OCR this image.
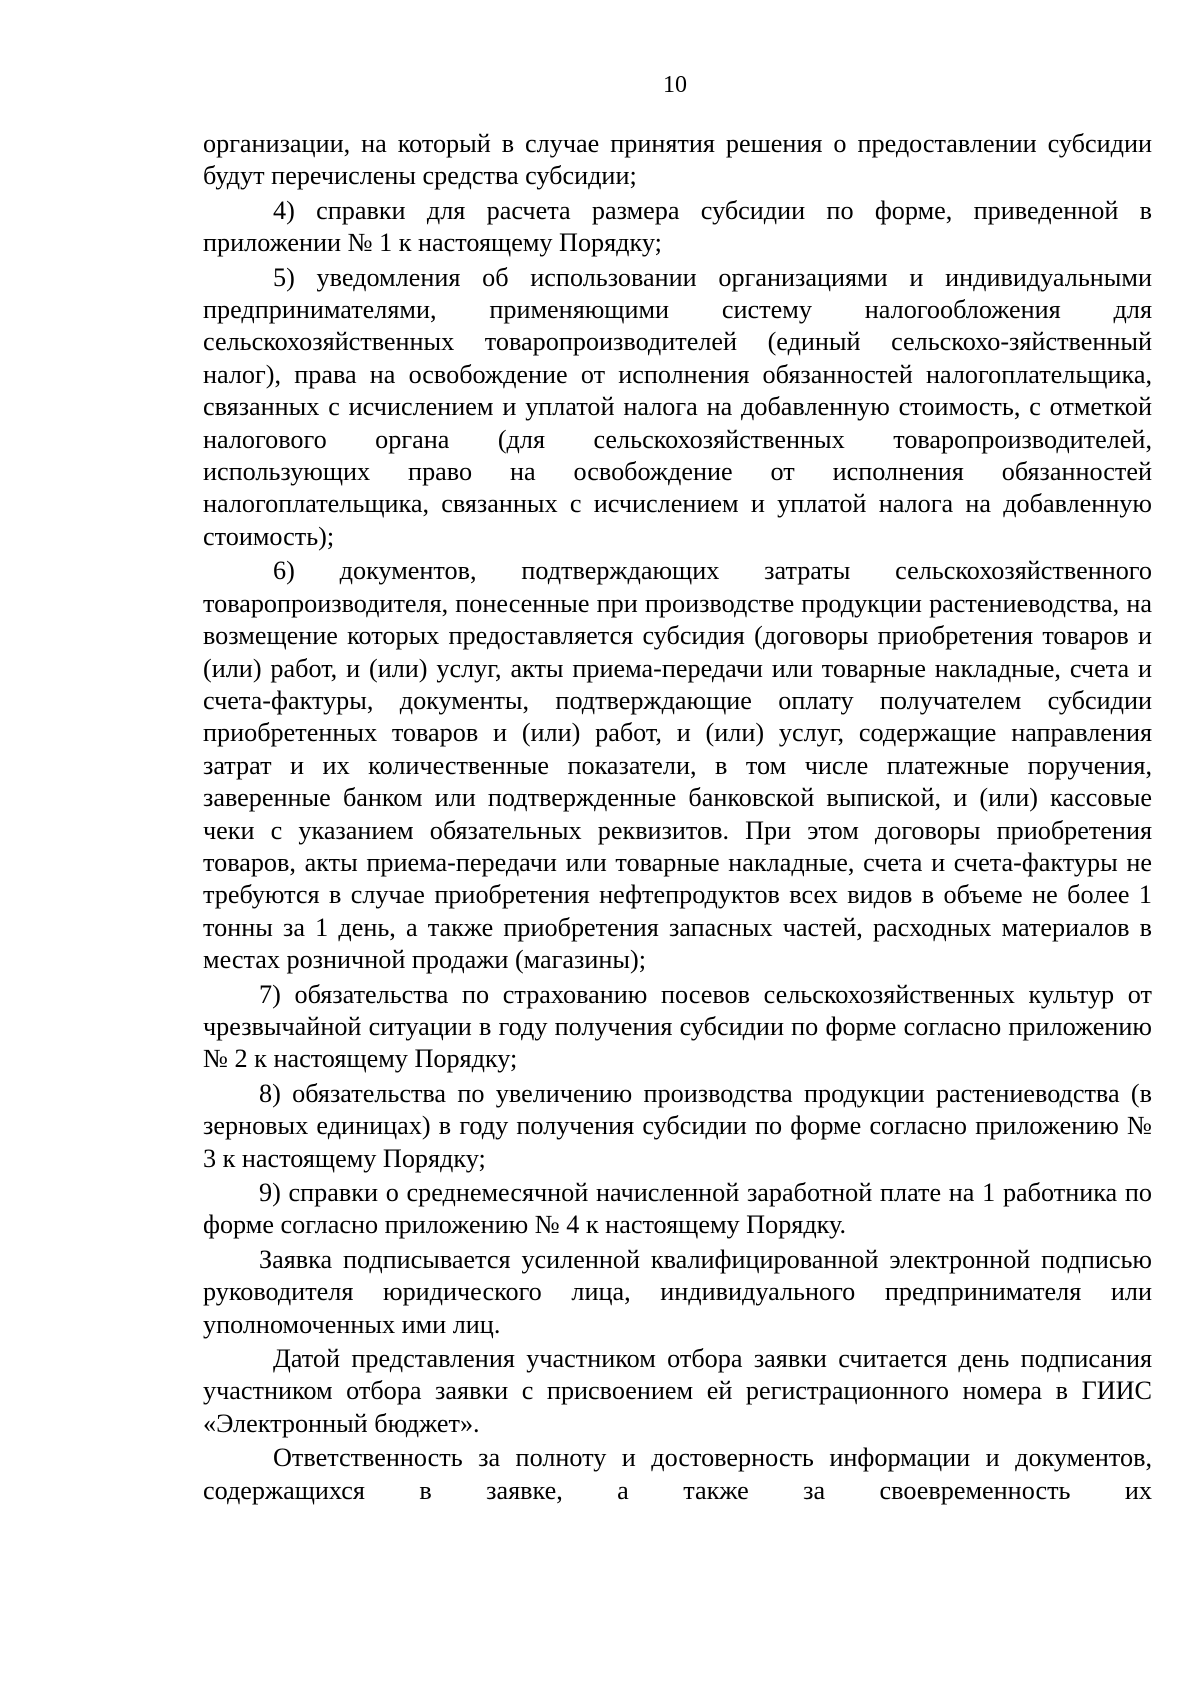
10

организации, на который в случае принятия решения о предоставлении субсидии будут перечислены средства субсидии;

4) справки для расчета размера субсидии по форме, приведенной в приложении № 1 к настоящему Порядку;

5) уведомления об использовании организациями и индивидуальными предпринимателями, применяющими систему налогообложения для сельскохозяйственных товаропроизводителей (единый сельскохо-зяйственный налог), права на освобождение от исполнения обязанностей налогоплательщика, связанных с исчислением и уплатой налога на добавленную стоимость, с отметкой налогового органа (для сельскохозяйственных товаропроизводителей, использующих право на освобождение от исполнения обязанностей налогоплательщика, связанных с исчислением и уплатой налога на добавленную стоимость);

6) документов, подтверждающих затраты сельскохозяйственного товаропроизводителя, понесенные при производстве продукции растениеводства, на возмещение которых предоставляется субсидия (договоры приобретения товаров и (или) работ, и (или) услуг, акты приема-передачи или товарные накладные, счета и счета-фактуры, документы, подтверждающие оплату получателем субсидии приобретенных товаров и (или) работ, и (или) услуг, содержащие направления затрат и их количественные показатели, в том числе платежные поручения, заверенные банком или подтвержденные банковской выпиской, и (или) кассовые чеки с указанием обязательных реквизитов. При этом договоры приобретения товаров, акты приема-передачи или товарные накладные, счета и счета-фактуры не требуются в случае приобретения нефтепродуктов всех видов в объеме не более 1 тонны за 1 день, а также приобретения запасных частей, расходных материалов в местах розничной продажи (магазины);

7) обязательства по страхованию посевов сельскохозяйственных культур от чрезвычайной ситуации в году получения субсидии по форме согласно приложению № 2 к настоящему Порядку;

8) обязательства по увеличению производства продукции растениеводства (в зерновых единицах) в году получения субсидии по форме согласно приложению № 3 к настоящему Порядку;

9) справки о среднемесячной начисленной заработной плате на 1 работника по форме согласно приложению № 4 к настоящему Порядку.

Заявка подписывается усиленной квалифицированной электронной подписью руководителя юридического лица, индивидуального предпринимателя или уполномоченных ими лиц.

Датой представления участником отбора заявки считается день подписания участником отбора заявки с присвоением ей регистрационного номера в ГИИС «Электронный бюджет».

Ответственность за полноту и достоверность информации и документов, содержащихся в заявке, а также за своевременность их
